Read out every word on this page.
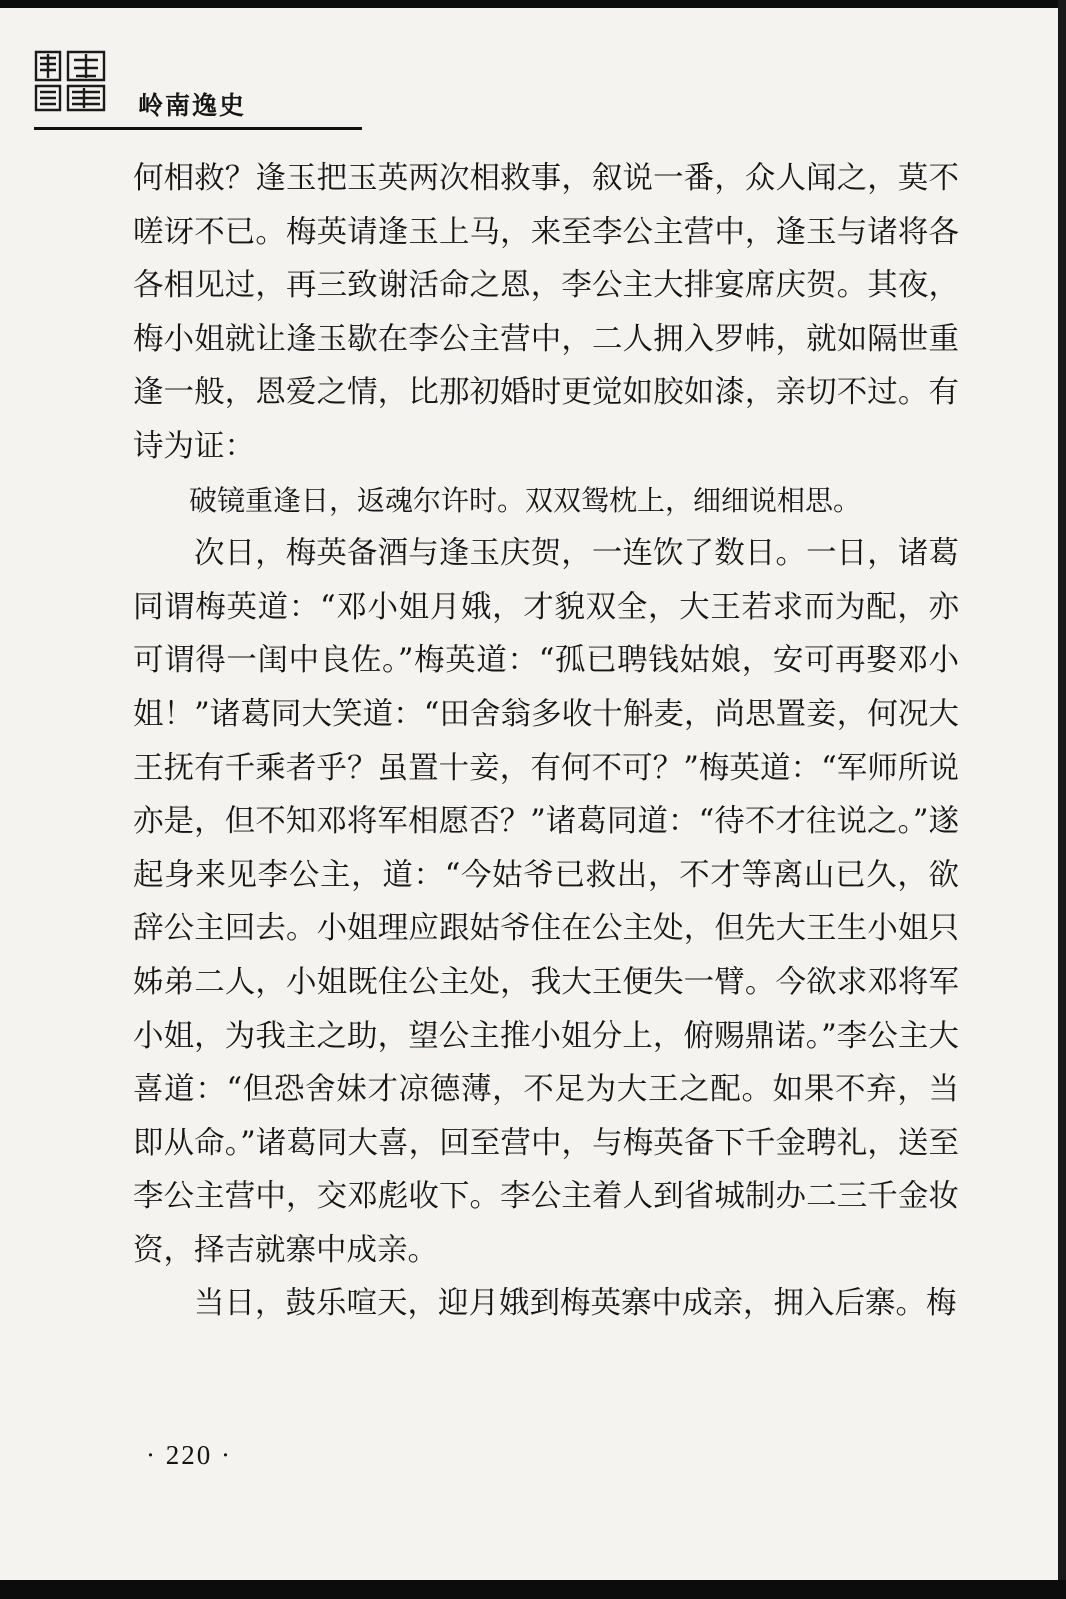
岭南逸史

何相救？逢玉把玉英两次相救事，叙说一番，众人闻之，莫不嗟讶不已。梅英请逢玉上马，来至李公主营中，逢玉与诸将各各相见过，再三致谢活命之恩，李公主大排宴席庆贺。其夜，梅小姐就让逢玉歇在李公主营中，二人拥入罗帏，就如隔世重逢一般，恩爱之情，比那初婚时更觉如胶如漆，亲切不过。有诗为证：

破镜重逢日，返魂尔许时。双双鸳枕上，细细说相思。

次日，梅英备酒与逢玉庆贺，一连饮了数日。一日，诸葛同谓梅英道：“邓小姐月娥，才貌双全，大王若求而为配，亦可谓得一闺中良佐。”梅英道：“孤已聘钱姑娘，安可再娶邓小姐！”诸葛同大笑道：“田舍翁多收十斛麦，尚思置妾，何况大王抚有千乘者乎？虽置十妾，有何不可？”梅英道：“军师所说亦是，但不知邓将军相愿否？”诸葛同道：“待不才往说之。”遂起身来见李公主，道：“今姑爷已救出，不才等离山已久，欲辞公主回去。小姐理应跟姑爷住在公主处，但先大王生小姐只姊弟二人，小姐既住公主处，我大王便失一臂。今欲求邓将军小姐，为我主之助，望公主推小姐分上，俯赐鼎诺。”李公主大喜道：“但恐舍妹才凉德薄，不足为大王之配。如果不弃，当即从命。”诸葛同大喜，回至营中，与梅英备下千金聘礼，送至李公主营中，交邓彪收下。李公主着人到省城制办二三千金妆资，择吉就寨中成亲。

当日，鼓乐喧天，迎月娥到梅英寨中成亲，拥入后寨。梅

· 220 ·
